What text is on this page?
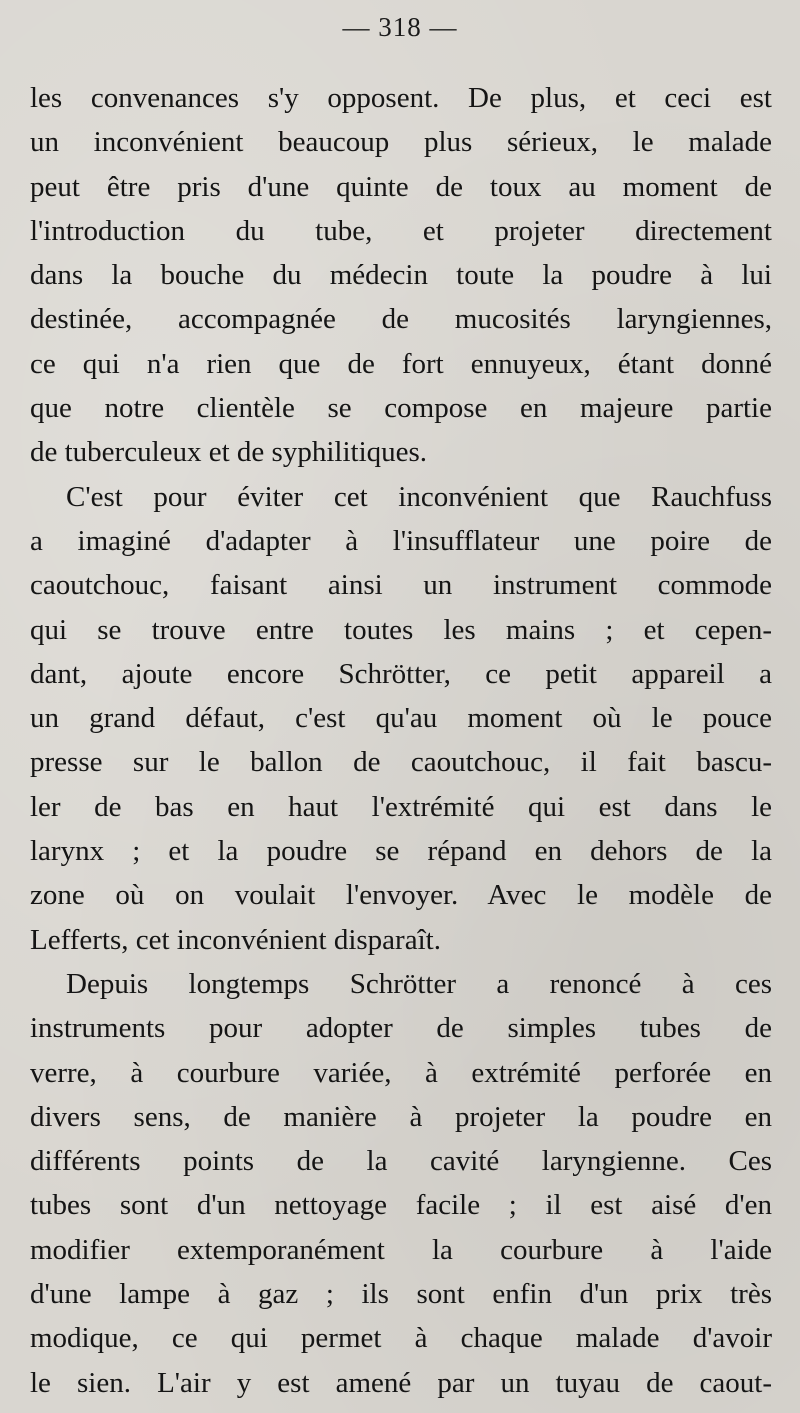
— 318 —

les convenances s'y opposent. De plus, et ceci est
un inconvénient beaucoup plus sérieux, le malade
peut être pris d'une quinte de toux au moment de
l'introduction du tube, et projeter directement
dans la bouche du médecin toute la poudre à lui
destinée, accompagnée de mucosités laryngiennes,
ce qui n'a rien que de fort ennuyeux, étant donné
que notre clientèle se compose en majeure partie
de tuberculeux et de syphilitiques.

C'est pour éviter cet inconvénient que Rauchfuss
a imaginé d'adapter à l'insufflateur une poire de
caoutchouc, faisant ainsi un instrument commode
qui se trouve entre toutes les mains ; et cepen-
dant, ajoute encore Schrötter, ce petit appareil a
un grand défaut, c'est qu'au moment où le pouce
presse sur le ballon de caoutchouc, il fait bascu-
ler de bas en haut l'extrémité qui est dans le
larynx ; et la poudre se répand en dehors de la
zone où on voulait l'envoyer. Avec le modèle de
Lefferts, cet inconvénient disparaît.

Depuis longtemps Schrötter a renoncé à ces
instruments pour adopter de simples tubes de
verre, à courbure variée, à extrémité perforée en
divers sens, de manière à projeter la poudre en
différents points de la cavité laryngienne. Ces
tubes sont d'un nettoyage facile ; il est aisé d'en
modifier extemporanément la courbure à l'aide
d'une lampe à gaz ; ils sont enfin d'un prix très
modique, ce qui permet à chaque malade d'avoir
le sien. L'air y est amené par un tuyau de caout-
